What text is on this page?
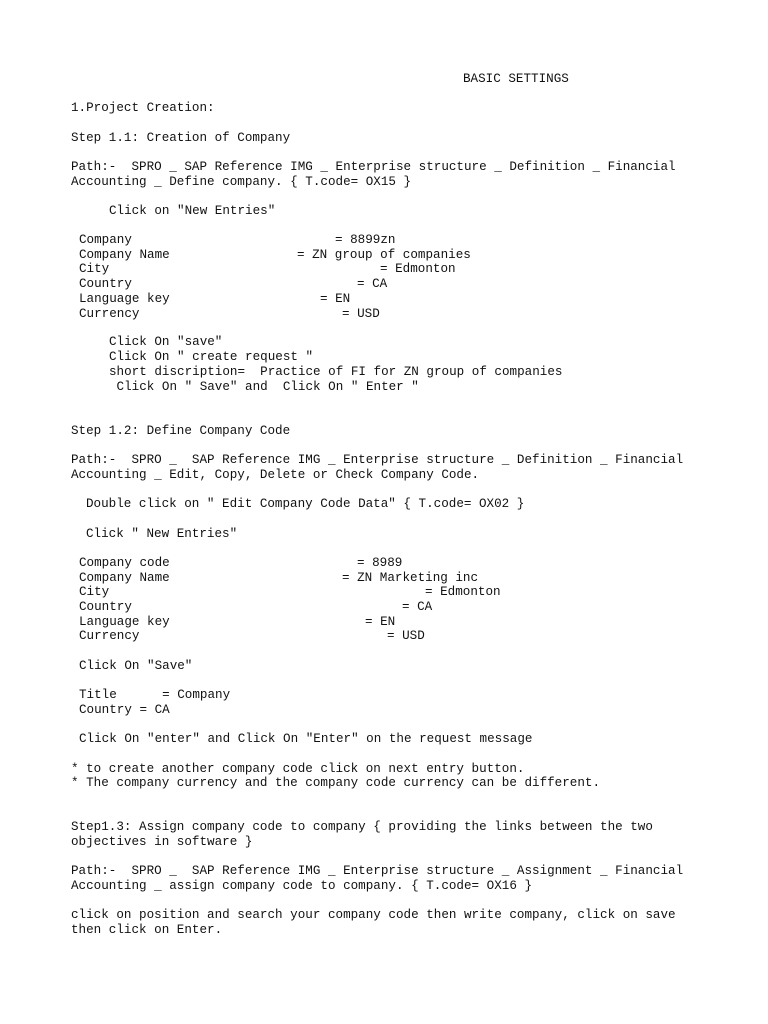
BASIC SETTINGS
1.Project Creation:
Step 1.1: Creation of Company
Path:-  SPRO _ SAP Reference IMG _ Enterprise structure _ Definition _ Financial
Accounting _ Define company. { T.code= OX15 }
Click on "New Entries"
Company	= 8899zn
Company Name	= ZN group of companies
City	= Edmonton
Country	= CA
Language key	= EN
Currency	= USD
Click On "save"
Click On " create request "
short discription=  Practice of FI for ZN group of companies
Click On " Save" and  Click On " Enter "
Step 1.2: Define Company Code
Path:-  SPRO _  SAP Reference IMG _ Enterprise structure _ Definition _ Financial
Accounting _ Edit, Copy, Delete or Check Company Code.
Double click on " Edit Company Code Data" { T.code= OX02 }
Click " New Entries"
Company code	= 8989
Company Name	= ZN Marketing inc
City	= Edmonton
Country	= CA
Language key	= EN
Currency	= USD
Click On "Save"
Title      = Company
Country = CA
Click On "enter" and Click On "Enter" on the request message
* to create another company code click on next entry button.
* The company currency and the company code currency can be different.
Step1.3: Assign company code to company { providing the links between the two
objectives in software }
Path:-  SPRO _  SAP Reference IMG _ Enterprise structure _ Assignment _ Financial
Accounting _ assign company code to company. { T.code= OX16 }
click on position and search your company code then write company, click on save
then click on Enter.
